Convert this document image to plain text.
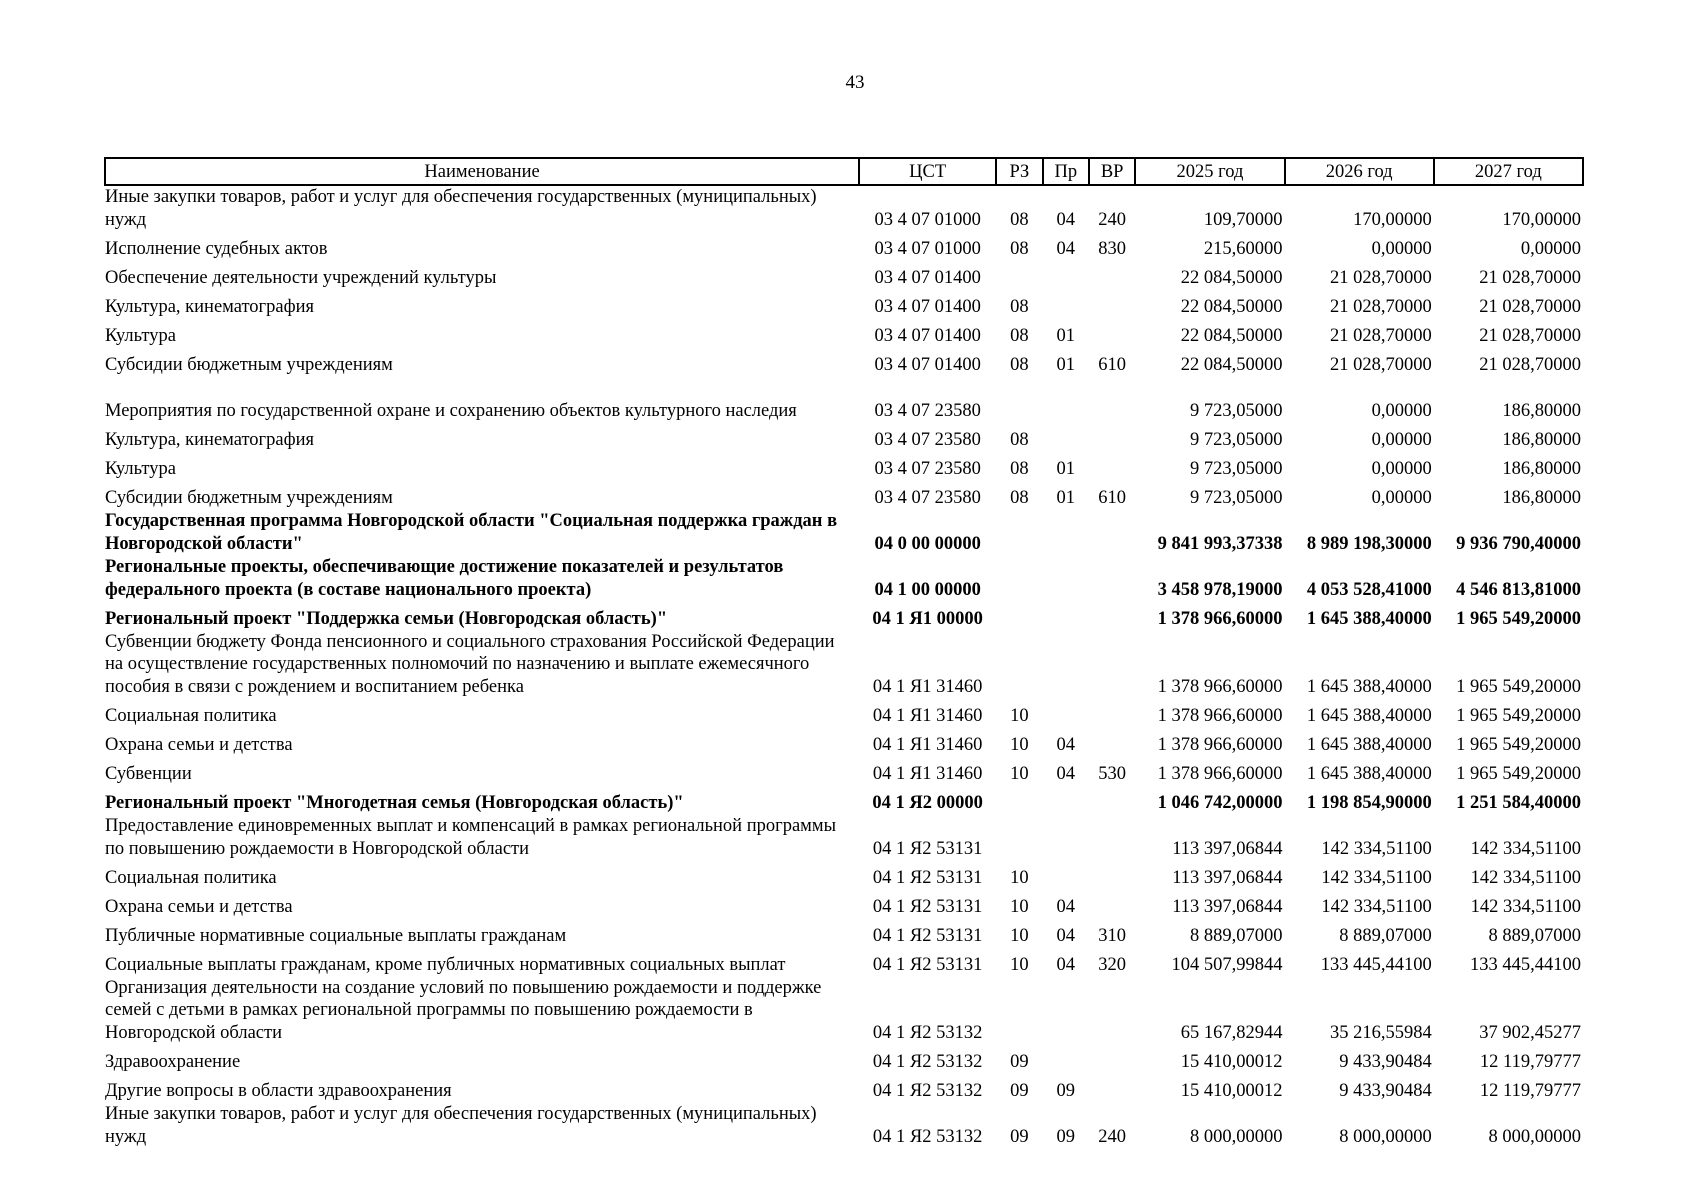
43
Наименование	ЦСТ	РЗ	Пр	ВР	2025 год	2026 год	2027 год
Иные закупки товаров, работ и услуг для обеспечения государственных (муниципальных) нужд	03 4 07 01000	08	04	240	109,70000	170,00000	170,00000
Исполнение судебных актов	03 4 07 01000	08	04	830	215,60000	0,00000	0,00000
Обеспечение деятельности учреждений культуры	03 4 07 01400				22 084,50000	21 028,70000	21 028,70000
Культура, кинематография	03 4 07 01400	08			22 084,50000	21 028,70000	21 028,70000
Культура	03 4 07 01400	08	01		22 084,50000	21 028,70000	21 028,70000
Субсидии бюджетным учреждениям	03 4 07 01400	08	01	610	22 084,50000	21 028,70000	21 028,70000
Мероприятия по государственной охране и сохранению объектов культурного наследия	03 4 07 23580				9 723,05000	0,00000	186,80000
Культура, кинематография	03 4 07 23580	08			9 723,05000	0,00000	186,80000
Культура	03 4 07 23580	08	01		9 723,05000	0,00000	186,80000
Субсидии бюджетным учреждениям	03 4 07 23580	08	01	610	9 723,05000	0,00000	186,80000
Государственная программа Новгородской области "Социальная поддержка граждан в Новгородской области"	04 0 00 00000				9 841 993,37338	8 989 198,30000	9 936 790,40000
Региональные проекты, обеспечивающие достижение показателей и результатов федерального проекта (в составе национального проекта)	04 1 00 00000				3 458 978,19000	4 053 528,41000	4 546 813,81000
Региональный проект "Поддержка семьи (Новгородская область)"	04 1 Я1 00000				1 378 966,60000	1 645 388,40000	1 965 549,20000
Субвенции бюджету Фонда пенсионного и социального страхования Российской Федерации на осуществление государственных полномочий по назначению и выплате ежемесячного пособия в связи с рождением и воспитанием ребенка	04 1 Я1 31460				1 378 966,60000	1 645 388,40000	1 965 549,20000
Социальная политика	04 1 Я1 31460	10			1 378 966,60000	1 645 388,40000	1 965 549,20000
Охрана семьи и детства	04 1 Я1 31460	10	04		1 378 966,60000	1 645 388,40000	1 965 549,20000
Субвенции	04 1 Я1 31460	10	04	530	1 378 966,60000	1 645 388,40000	1 965 549,20000
Региональный проект "Многодетная семья (Новгородская область)"	04 1 Я2 00000				1 046 742,00000	1 198 854,90000	1 251 584,40000
Предоставление единовременных выплат и компенсаций в рамках региональной программы по повышению рождаемости в Новгородской области	04 1 Я2 53131				113 397,06844	142 334,51100	142 334,51100
Социальная политика	04 1 Я2 53131	10			113 397,06844	142 334,51100	142 334,51100
Охрана семьи и детства	04 1 Я2 53131	10	04		113 397,06844	142 334,51100	142 334,51100
Публичные нормативные социальные выплаты гражданам	04 1 Я2 53131	10	04	310	8 889,07000	8 889,07000	8 889,07000
Социальные выплаты гражданам, кроме публичных нормативных социальных выплат	04 1 Я2 53131	10	04	320	104 507,99844	133 445,44100	133 445,44100
Организация деятельности на создание условий по повышению рождаемости и поддержке семей с детьми в рамках региональной программы по повышению рождаемости в Новгородской области	04 1 Я2 53132				65 167,82944	35 216,55984	37 902,45277
Здравоохранение	04 1 Я2 53132	09			15 410,00012	9 433,90484	12 119,79777
Другие вопросы в области здравоохранения	04 1 Я2 53132	09	09		15 410,00012	9 433,90484	12 119,79777
Иные закупки товаров, работ и услуг для обеспечения государственных (муниципальных) нужд	04 1 Я2 53132	09	09	240	8 000,00000	8 000,00000	8 000,00000
